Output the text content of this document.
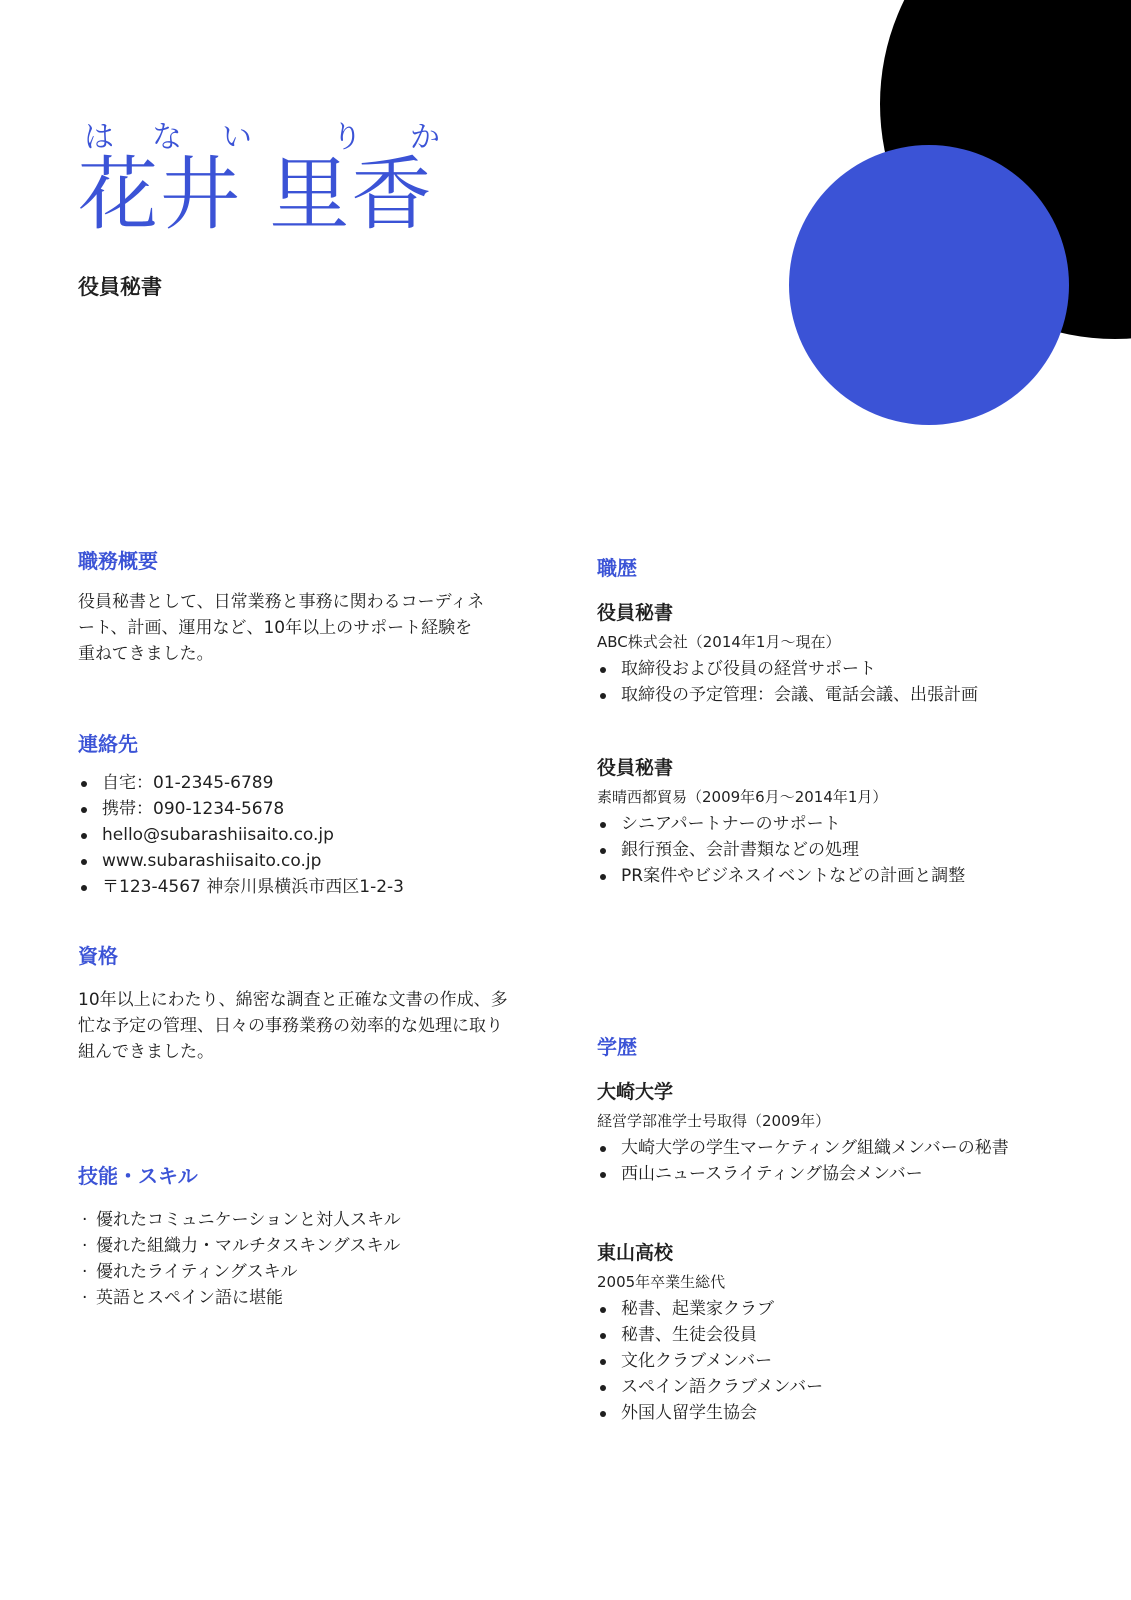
は な い	り か
花井 里香
役員秘書
職務概要
役員秘書として、日常業務と事務に関わるコーディネート、計画、運用など、10年以上のサポート経験を重ねてきました。
連絡先
自宅：01-2345-6789
携帯：090-1234-5678
hello@subarashiisaito.co.jp
www.subarashiisaito.co.jp
〒123-4567 神奈川県横浜市西区1-2-3
資格
10年以上にわたり、綿密な調査と正確な文書の作成、多忙な予定の管理、日々の事務業務の効率的な処理に取り組んできました。
技能・スキル
· 優れたコミュニケーションと対人スキル
· 優れた組織力・マルチタスキングスキル
· 優れたライティングスキル
· 英語とスペイン語に堪能
職歴
役員秘書
ABC株式会社（2014年1月〜現在）
取締役および役員の経営サポート
取締役の予定管理：会議、電話会議、出張計画
役員秘書
素晴西都貿易（2009年6月〜2014年1月）
シニアパートナーのサポート
銀行預金、会計書類などの処理
PR案件やビジネスイベントなどの計画と調整
学歴
大崎大学
経営学部准学士号取得（2009年）
大崎大学の学生マーケティング組織メンバーの秘書
西山ニュースライティング協会メンバー
東山高校
2005年卒業生総代
秘書、起業家クラブ
秘書、生徒会役員
文化クラブメンバー
スペイン語クラブメンバー
外国人留学生協会
